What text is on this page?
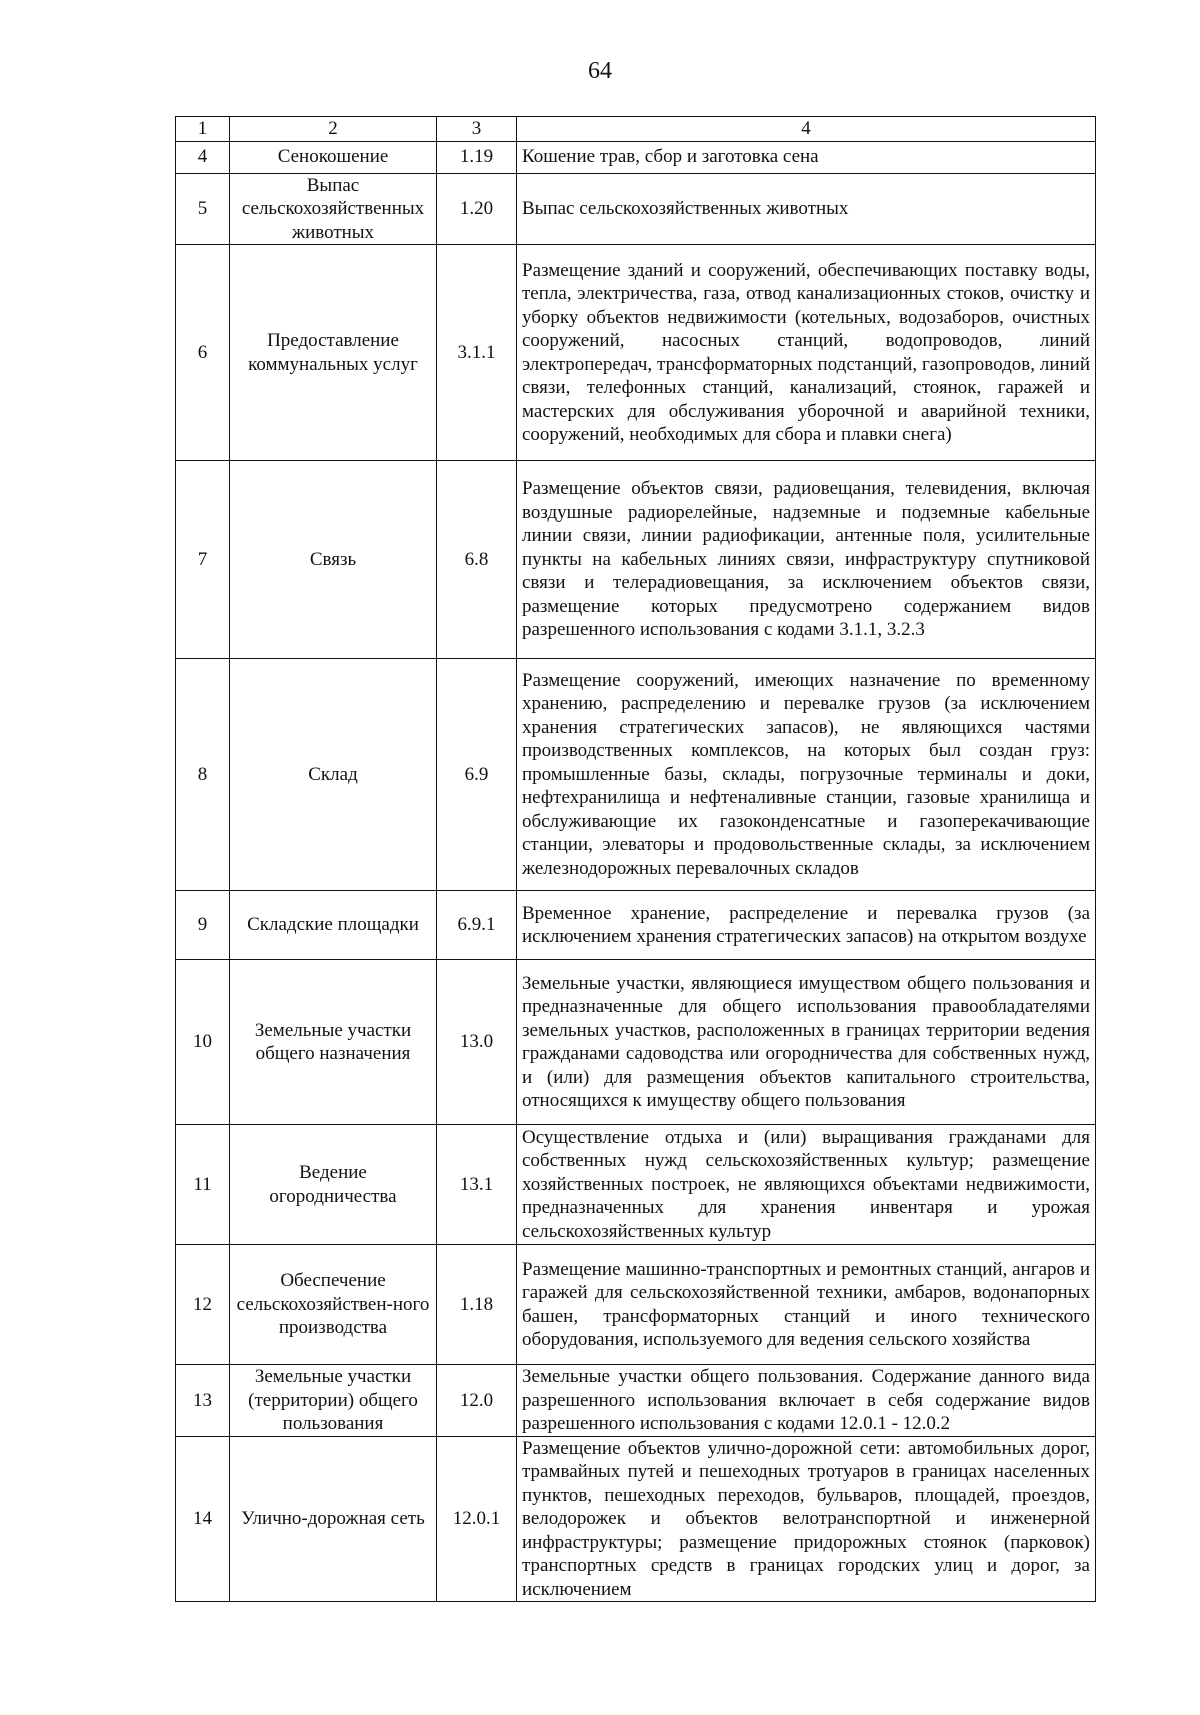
64
1	2	3	4
4	Сенокошение	1.19	Кошение трав, сбор и заготовка сена
5	Выпас сельскохозяйственных животных	1.20	Выпас сельскохозяйственных животных
6	Предоставление коммунальных услуг	3.1.1	Размещение зданий и сооружений, обеспечивающих поставку воды, тепла, электричества, газа, отвод канализационных стоков, очистку и уборку объектов недвижимости (котельных, водозаборов, очистных сооружений, насосных станций, водопроводов, линий электропередач, трансформаторных подстанций, газопроводов, линий связи, телефонных станций, канализаций, стоянок, гаражей и мастерских для обслуживания уборочной и аварийной техники, сооружений, необходимых для сбора и плавки снега)
7	Связь	6.8	Размещение объектов связи, радиовещания, телевидения, включая воздушные радиорелейные, надземные и подземные кабельные линии связи, линии радиофикации, антенные поля, усилительные пункты на кабельных линиях связи, инфраструктуру спутниковой связи и телерадиовещания, за исключением объектов связи, размещение которых предусмотрено содержанием видов разрешенного использования с кодами 3.1.1, 3.2.3
8	Склад	6.9	Размещение сооружений, имеющих назначение по временному хранению, распределению и перевалке грузов (за исключением хранения стратегических запасов), не являющихся частями производственных комплексов, на которых был создан груз: промышленные базы, склады, погрузочные терминалы и доки, нефтехранилища и нефтеналивные станции, газовые хранилища и обслуживающие их газоконденсатные и газоперекачивающие станции, элеваторы и продовольственные склады, за исключением железнодорожных перевалочных складов
9	Складские площадки	6.9.1	Временное хранение, распределение и перевалка грузов (за исключением хранения стратегических запасов) на открытом воздухе
10	Земельные участки общего назначения	13.0	Земельные участки, являющиеся имуществом общего пользования и предназначенные для общего использования правообладателями земельных участков, расположенных в границах территории ведения гражданами садоводства или огородничества для собственных нужд, и (или) для размещения объектов капитального строительства, относящихся к имуществу общего пользования
11	Ведение огородничества	13.1	Осуществление отдыха и (или) выращивания гражданами для собственных нужд сельскохозяйственных культур; размещение хозяйственных построек, не являющихся объектами недвижимости, предназначенных для хранения инвентаря и урожая сельскохозяйственных культур
12	Обеспечение сельскохозяйствен-ного производства	1.18	Размещение машинно-транспортных и ремонтных станций, ангаров и гаражей для сельскохозяйственной техники, амбаров, водонапорных башен, трансформаторных станций и иного технического оборудования, используемого для ведения сельского хозяйства
13	Земельные участки (территории) общего пользования	12.0	Земельные участки общего пользования. Содержание данного вида разрешенного использования включает в себя содержание видов разрешенного использования с кодами 12.0.1 - 12.0.2
14	Улично-дорожная сеть	12.0.1	Размещение объектов улично-дорожной сети: автомобильных дорог, трамвайных путей и пешеходных тротуаров в границах населенных пунктов, пешеходных переходов, бульваров, площадей, проездов, велодорожек и объектов велотранспортной и инженерной инфраструктуры; размещение придорожных стоянок (парковок) транспортных средств в границах городских улиц и дорог, за исключением
